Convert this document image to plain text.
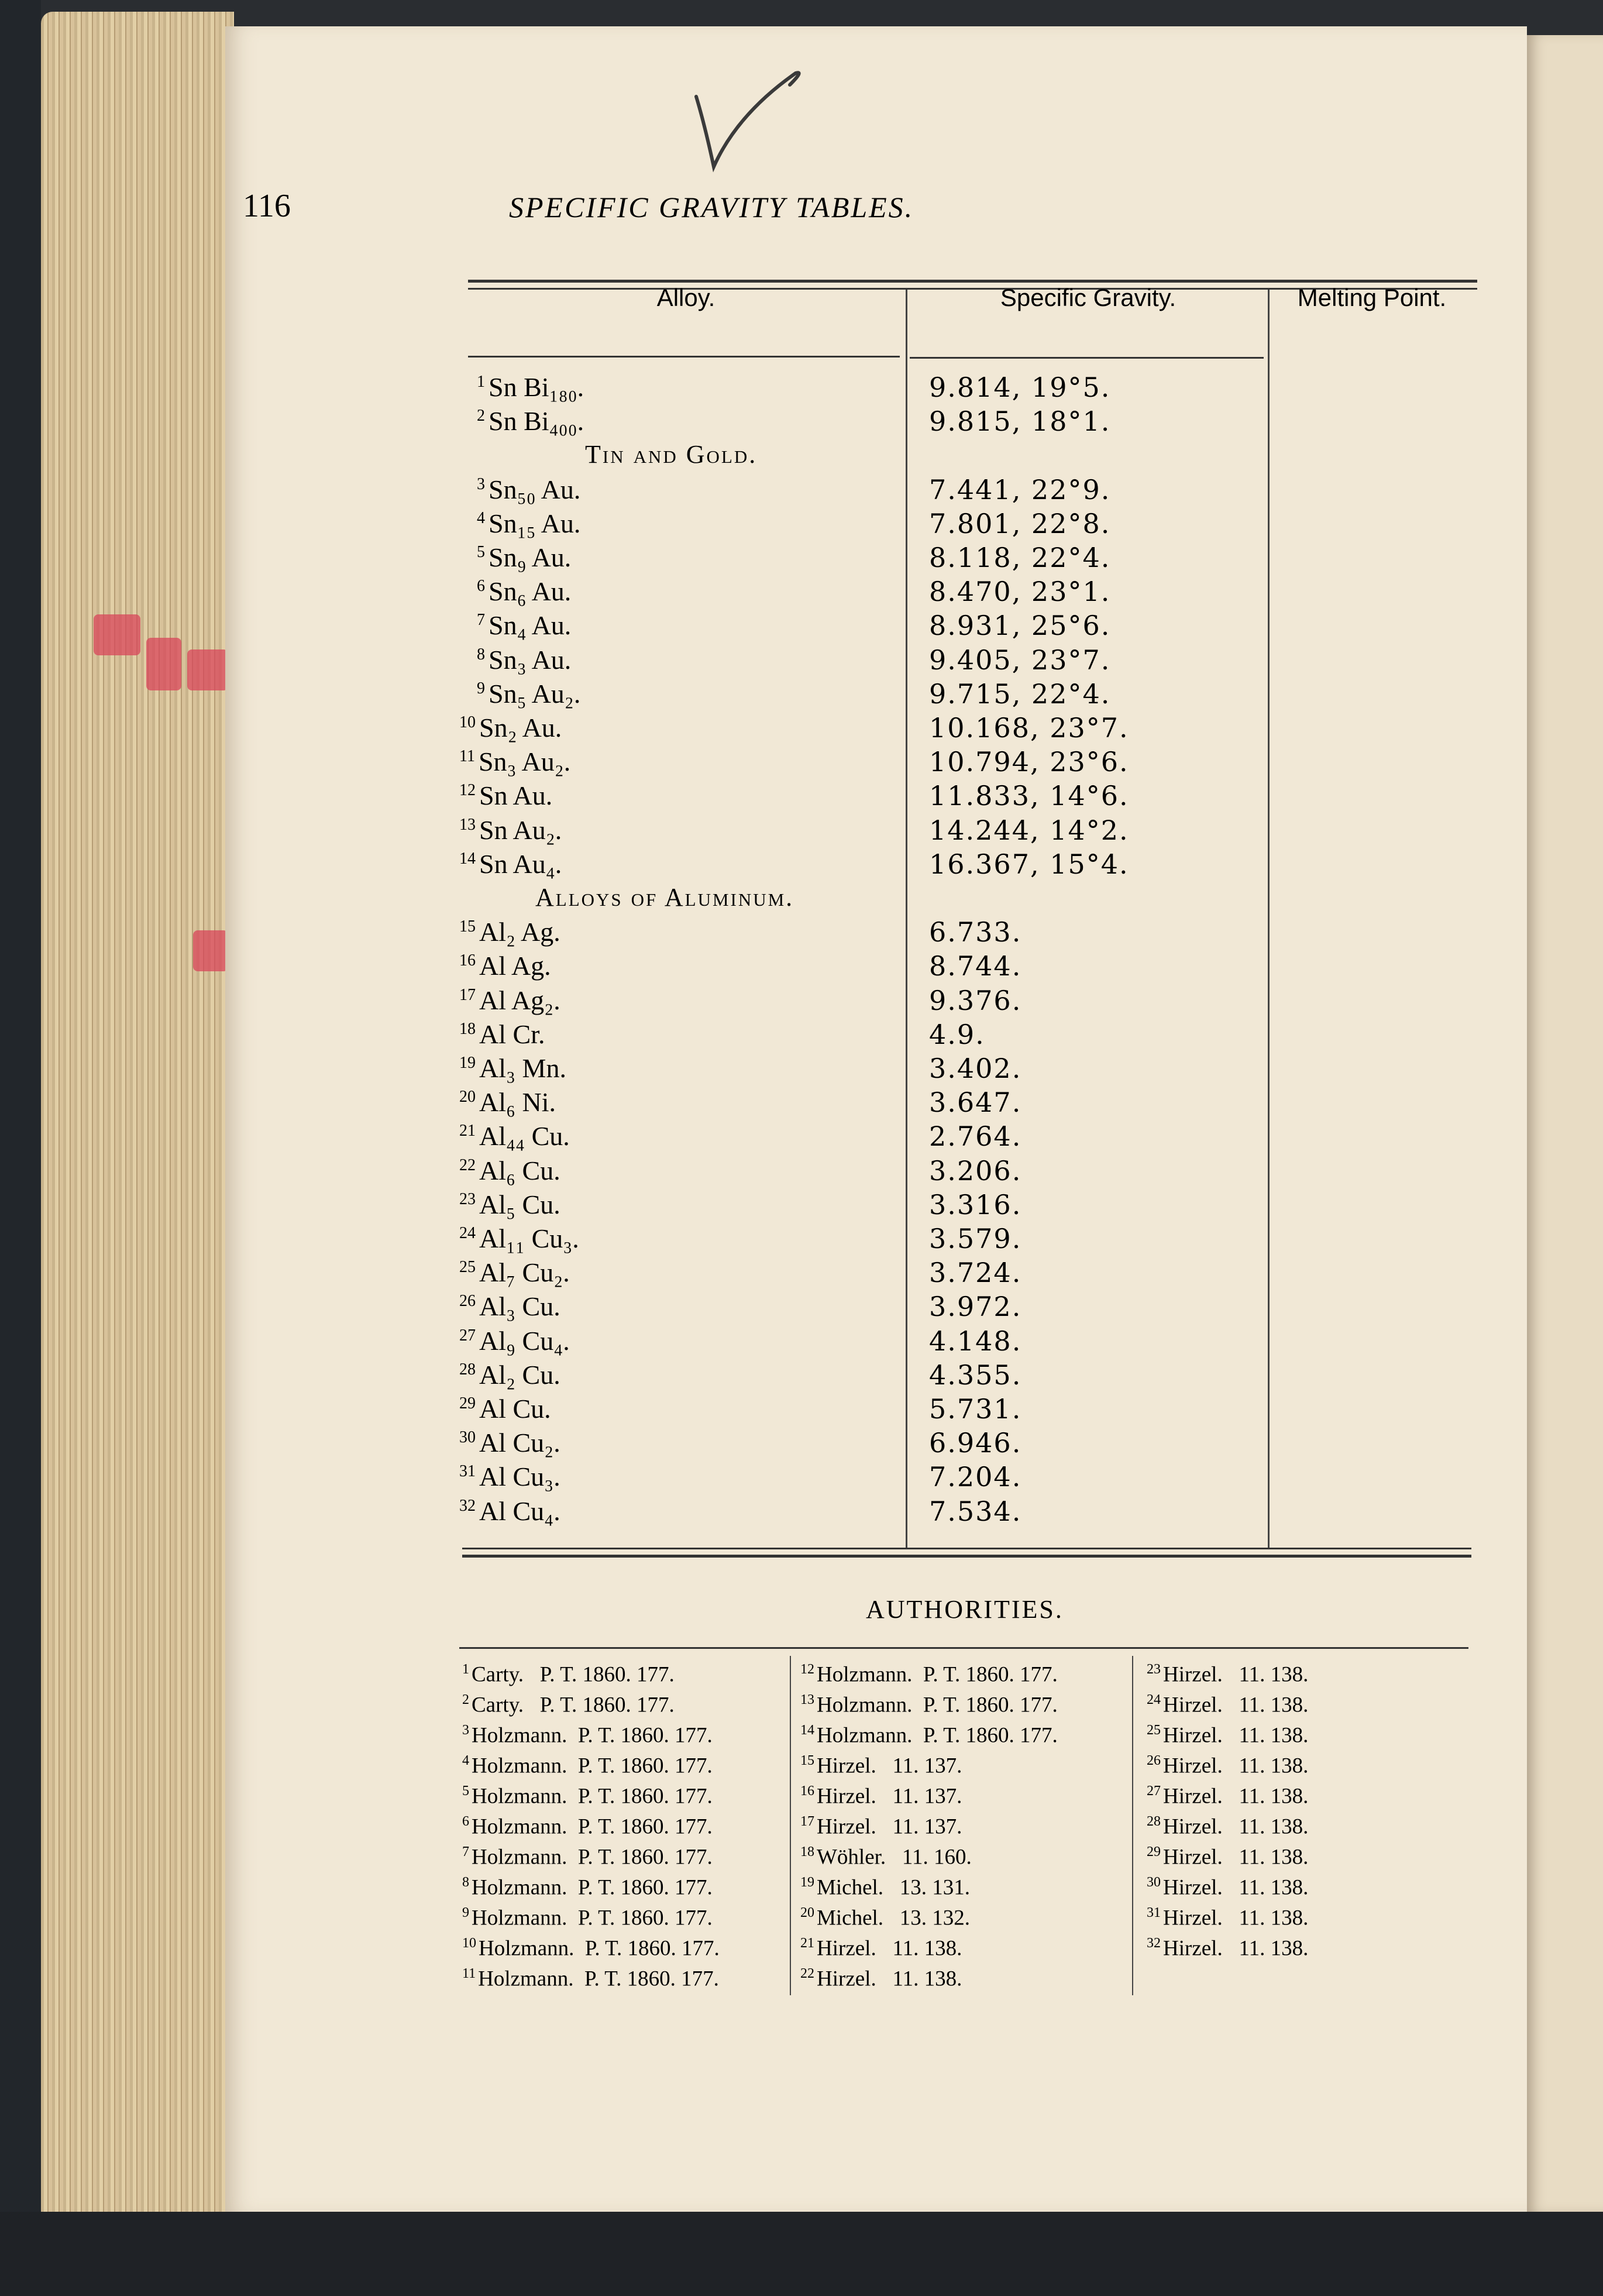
116	SPECIFIC GRAVITY TABLES.
Alloy.	Specific Gravity.	Melting Point.
$^1$ Sn Bi₁₈₀.	9.814, 19°5.
$^2$ Sn Bi₄₀₀.	9.815, 18°1.
Tin and Gold.
$^3$ Sn₅₀ Au.	7.441, 22°9.
$^4$ Sn₁₅ Au.	7.801, 22°8.
$^5$ Sn₉ Au.	8.118, 22°4.
$^6$ Sn₆ Au.	8.470, 23°1.
$^7$ Sn₄ Au.	8.931, 25°6.
$^8$ Sn₃ Au.	9.405, 23°7.
$^9$ Sn₅ Au₂.	9.715, 22°4.
$^{10}$ Sn₂ Au.	10.168, 23°7.
$^{11}$ Sn₃ Au₂.	10.794, 23°6.
$^{12}$ Sn Au.	11.833, 14°6.
$^{13}$ Sn Au₂.	14.244, 14°2.
$^{14}$ Sn Au₄.	16.367, 15°4.
Alloys of Aluminum.
$^{15}$ Al₂ Ag.	6.733.
$^{16}$ Al Ag.	8.744.
$^{17}$ Al Ag₂.	9.376.
$^{18}$ Al Cr.	4.9.
$^{19}$ Al₃ Mn.	3.402.
$^{20}$ Al₆ Ni.	3.647.
$^{21}$ Al₄₄ Cu.	2.764.
$^{22}$ Al₆ Cu.	3.206.
$^{23}$ Al₅ Cu.	3.316.
$^{24}$ Al₁₁ Cu₃.	3.579.
$^{25}$ Al₇ Cu₂.	3.724.
$^{26}$ Al₃ Cu.	3.972.
$^{27}$ Al₉ Cu₄.	4.148.
$^{28}$ Al₂ Cu.	4.355.
$^{29}$ Al Cu.	5.731.
$^{30}$ Al Cu₂.	6.946.
$^{31}$ Al Cu₃.	7.204.
$^{32}$ Al Cu₄.	7.534.
AUTHORITIES.
$^1$ Carty.   P. T. 1860. 177.
$^2$ Carty.   P. T. 1860. 177.
$^3$ Holzmann.  P. T. 1860. 177.
$^4$ Holzmann.  P. T. 1860. 177.
$^5$ Holzmann.  P. T. 1860. 177.
$^6$ Holzmann.  P. T. 1860. 177.
$^7$ Holzmann.  P. T. 1860. 177.
$^8$ Holzmann.  P. T. 1860. 177.
$^9$ Holzmann.  P. T. 1860. 177.
$^{10}$ Holzmann.  P. T. 1860. 177.
$^{11}$ Holzmann.  P. T. 1860. 177.
$^{12}$ Holzmann.  P. T. 1860. 177.
$^{13}$ Holzmann.  P. T. 1860. 177.
$^{14}$ Holzmann.  P. T. 1860. 177.
$^{15}$ Hirzel.   11. 137.
$^{16}$ Hirzel.   11. 137.
$^{17}$ Hirzel.   11. 137.
$^{18}$ Wöhler.   11. 160.
$^{19}$ Michel.   13. 131.
$^{20}$ Michel.   13. 132.
$^{21}$ Hirzel.   11. 138.
$^{22}$ Hirzel.   11. 138.
$^{23}$ Hirzel.   11. 138.
$^{24}$ Hirzel.   11. 138.
$^{25}$ Hirzel.   11. 138.
$^{26}$ Hirzel.   11. 138.
$^{27}$ Hirzel.   11. 138.
$^{28}$ Hirzel.   11. 138.
$^{29}$ Hirzel.   11. 138.
$^{30}$ Hirzel.   11. 138.
$^{31}$ Hirzel.   11. 138.
$^{32}$ Hirzel.   11. 138.
